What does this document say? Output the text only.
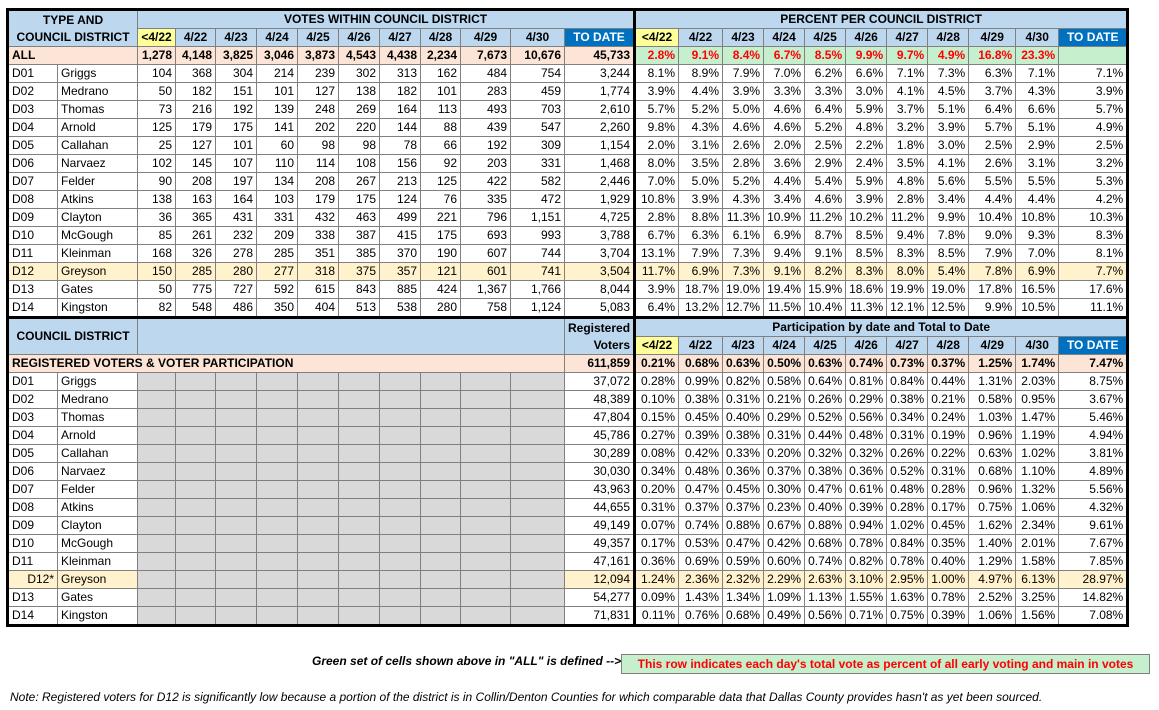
TYPE AND
COUNCIL DISTRICT		VOTES WITHIN COUNCIL DISTRICT											PERCENT PER COUNCIL DISTRICT										
		<4/22	4/22	4/23	4/24	4/25	4/26	4/27	4/28	4/29	4/30	TO DATE	<4/22	4/22	4/23	4/24	4/25	4/26	4/27	4/28	4/29	4/30	TO DATE
ALL		1,278	4,148	3,825	3,046	3,873	4,543	4,438	2,234	7,673	10,676	45,733	2.8%	9.1%	8.4%	6.7%	8.5%	9.9%	9.7%	4.9%	16.8%	23.3%	
D01	Griggs	104	368	304	214	239	302	313	162	484	754	3,244	8.1%	8.9%	7.9%	7.0%	6.2%	6.6%	7.1%	7.3%	6.3%	7.1%	7.1%
D02	Medrano	50	182	151	101	127	138	182	101	283	459	1,774	3.9%	4.4%	3.9%	3.3%	3.3%	3.0%	4.1%	4.5%	3.7%	4.3%	3.9%
D03	Thomas	73	216	192	139	248	269	164	113	493	703	2,610	5.7%	5.2%	5.0%	4.6%	6.4%	5.9%	3.7%	5.1%	6.4%	6.6%	5.7%
D04	Arnold	125	179	175	141	202	220	144	88	439	547	2,260	9.8%	4.3%	4.6%	4.6%	5.2%	4.8%	3.2%	3.9%	5.7%	5.1%	4.9%
D05	Callahan	25	127	101	60	98	98	78	66	192	309	1,154	2.0%	3.1%	2.6%	2.0%	2.5%	2.2%	1.8%	3.0%	2.5%	2.9%	2.5%
D06	Narvaez	102	145	107	110	114	108	156	92	203	331	1,468	8.0%	3.5%	2.8%	3.6%	2.9%	2.4%	3.5%	4.1%	2.6%	3.1%	3.2%
D07	Felder	90	208	197	134	208	267	213	125	422	582	2,446	7.0%	5.0%	5.2%	4.4%	5.4%	5.9%	4.8%	5.6%	5.5%	5.5%	5.3%
D08	Atkins	138	163	164	103	179	175	124	76	335	472	1,929	10.8%	3.9%	4.3%	3.4%	4.6%	3.9%	2.8%	3.4%	4.4%	4.4%	4.2%
D09	Clayton	36	365	431	331	432	463	499	221	796	1,151	4,725	2.8%	8.8%	11.3%	10.9%	11.2%	10.2%	11.2%	9.9%	10.4%	10.8%	10.3%
D10	McGough	85	261	232	209	338	387	415	175	693	993	3,788	6.7%	6.3%	6.1%	6.9%	8.7%	8.5%	9.4%	7.8%	9.0%	9.3%	8.3%
D11	Kleinman	168	326	278	285	351	385	370	190	607	744	3,704	13.1%	7.9%	7.3%	9.4%	9.1%	8.5%	8.3%	8.5%	7.9%	7.0%	8.1%
D12	Greyson	150	285	280	277	318	375	357	121	601	741	3,504	11.7%	6.9%	7.3%	9.1%	8.2%	8.3%	8.0%	5.4%	7.8%	6.9%	7.7%
D13	Gates	50	775	727	592	615	843	885	424	1,367	1,766	8,044	3.9%	18.7%	19.0%	19.4%	15.9%	18.6%	19.9%	19.0%	17.8%	16.5%	17.6%
D14	Kingston	82	548	486	350	404	513	538	280	758	1,124	5,083	6.4%	13.2%	12.7%	11.5%	10.4%	11.3%	12.1%	12.5%	9.9%	10.5%	11.1%
COUNCIL DISTRICT												Registered
Voters	Participation by date and Total to Date										
													<4/22	4/22	4/23	4/24	4/25	4/26	4/27	4/28	4/29	4/30	TO DATE
REGISTERED VOTERS & VOTER PARTICIPATION												611,859	0.21%	0.68%	0.63%	0.50%	0.63%	0.74%	0.73%	0.37%	1.25%	1.74%	7.47%
D01	Griggs											37,072	0.28%	0.99%	0.82%	0.58%	0.64%	0.81%	0.84%	0.44%	1.31%	2.03%	8.75%
D02	Medrano											48,389	0.10%	0.38%	0.31%	0.21%	0.26%	0.29%	0.38%	0.21%	0.58%	0.95%	3.67%
D03	Thomas											47,804	0.15%	0.45%	0.40%	0.29%	0.52%	0.56%	0.34%	0.24%	1.03%	1.47%	5.46%
D04	Arnold											45,786	0.27%	0.39%	0.38%	0.31%	0.44%	0.48%	0.31%	0.19%	0.96%	1.19%	4.94%
D05	Callahan											30,289	0.08%	0.42%	0.33%	0.20%	0.32%	0.32%	0.26%	0.22%	0.63%	1.02%	3.81%
D06	Narvaez											30,030	0.34%	0.48%	0.36%	0.37%	0.38%	0.36%	0.52%	0.31%	0.68%	1.10%	4.89%
D07	Felder											43,963	0.20%	0.47%	0.45%	0.30%	0.47%	0.61%	0.48%	0.28%	0.96%	1.32%	5.56%
D08	Atkins											44,655	0.31%	0.37%	0.37%	0.23%	0.40%	0.39%	0.28%	0.17%	0.75%	1.06%	4.32%
D09	Clayton											49,149	0.07%	0.74%	0.88%	0.67%	0.88%	0.94%	1.02%	0.45%	1.62%	2.34%	9.61%
D10	McGough											49,357	0.17%	0.53%	0.47%	0.42%	0.68%	0.78%	0.84%	0.35%	1.40%	2.01%	7.67%
D11	Kleinman											47,161	0.36%	0.69%	0.59%	0.60%	0.74%	0.82%	0.78%	0.40%	1.29%	1.58%	7.85%
D12*	Greyson											12,094	1.24%	2.36%	2.32%	2.29%	2.63%	3.10%	2.95%	1.00%	4.97%	6.13%	28.97%
D13	Gates											54,277	0.09%	1.43%	1.34%	1.09%	1.13%	1.55%	1.63%	0.78%	2.52%	3.25%	14.82%
D14	Kingston											71,831	0.11%	0.76%	0.68%	0.49%	0.56%	0.71%	0.75%	0.39%	1.06%	1.56%	7.08%
Green set of cells shown above in "ALL" is defined -->	This row indicates each day's total vote as percent of all early voting and main in votes
Note: Registered voters for D12 is significantly low because a portion of the district is in Collin/Denton Counties for which comparable data that Dallas County provides hasn't as yet been sourced.
